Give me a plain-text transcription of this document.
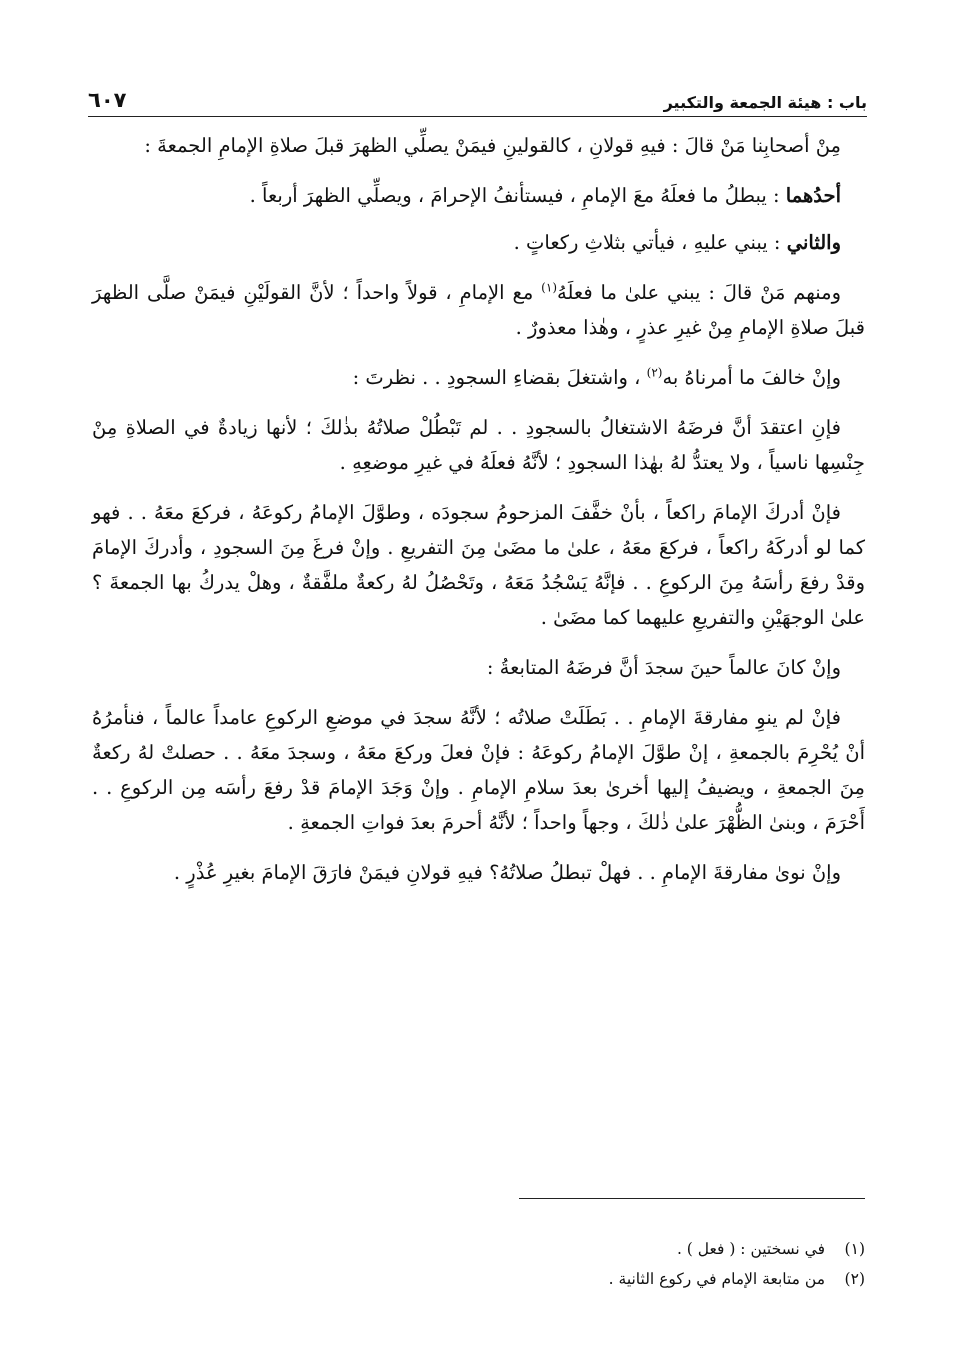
باب : هيئة الجمعة والتكبير
٦٠٧

مِنْ أصحابِنا مَنْ قالَ : فيهِ قولانِ ، كالقولينِ فيمَنْ يصلِّي الظهرَ قبلَ صلاةِ الإمامِ الجمعةَ :

أحدُهما : يبطلُ ما فعلَهُ معَ الإمامِ ، فيستأنفُ الإحرامَ ، ويصلِّي الظهرَ أربعاً .

والثاني : يبني عليهِ ، فيأتي بثلاثِ ركعاتٍ .

ومنهم مَنْ قالَ : يبني علىٰ ما فعلَهُ$^{(١)}$ مع الإمامِ ، قولاً واحداً ؛ لأنَّ القولَيْنِ فيمَنْ صلَّى الظهرَ قبلَ صلاةِ الإمامِ مِنْ غيرِ عذرٍ ، وهٰذا معذورٌ .

وإنْ خالفَ ما أمرناهُ به$^{(٢)}$ ، واشتغلَ بقضاءِ السجودِ . . نظرتَ :

فإنِ اعتقدَ أنَّ فرضَهُ الاشتغالُ بالسجودِ . . لم تَبْطُلْ صلاتُهُ بذٰلكَ ؛ لأنها زيادةٌ في الصلاةِ مِنْ جِنْسِها ناسياً ، ولا يعتدُّ لهُ بهٰذا السجودِ ؛ لأنَّهُ فعلَهُ في غيرِ موضعِهِ .

فإنْ أدركَ الإمامَ راكعاً ، بأنْ خفَّفَ المزحومُ سجودَه ، وطوَّلَ الإمامُ ركوعَهُ ، فركعَ معَهُ . . فهو كما لو أدركَهُ راكعاً ، فركعَ معَهُ ، علىٰ ما مضَىٰ مِنَ التفريعِ . وإنْ فرغَ مِنَ السجودِ ، وأدركَ الإمامَ وقدْ رفعَ رأسَهُ مِنَ الركوعِ . . فإنَّهُ يَسْجُدُ مَعَهُ ، وتَحْصُلُ لهُ ركعةٌ ملفَّقةٌ ، وهلْ يدركُ بها الجمعةَ ؟ علىٰ الوجهَيْنِ والتفريعِ عليهما كما مضَىٰ .

وإنْ كانَ عالماً حينَ سجدَ أنَّ فرضَهُ المتابعةُ :

فإنْ لم ينوِ مفارقةَ الإمامِ . . بَطَلَتْ صلاتُه ؛ لأنَّهُ سجدَ في موضعِ الركوعِ عامداً عالماً ، فنأمرُهُ أنْ يُحْرِمَ بالجمعةِ ، إنْ طوَّلَ الإمامُ ركوعَهُ : فإنْ فعلَ وركعَ معَهُ ، وسجدَ معَهُ . . حصلتْ لهُ ركعةٌ مِنَ الجمعةِ ، ويضيفُ إليها أخرىٰ بعدَ سلامِ الإمامِ . وإنْ وَجَدَ الإمامَ قدْ رفعَ رأسَه مِن الركوعِ . . أَحْرَمَ ، وبنىٰ الظُّهْرَ علىٰ ذٰلكَ ، وجهاً واحداً ؛ لأنَّهُ أحرمَ بعدَ فواتِ الجمعةِ .

وإنْ نوىٰ مفارقةَ الإمامِ . . فهلْ تبطلُ صلاتُهُ؟ فيهِ قولانِ فيمَنْ فارَقَ الإمامَ بغيرِ عُذْرٍ .

(١)في نسختين : ( فعل ) .
(٢)من متابعة الإمام في ركوع الثانية .
